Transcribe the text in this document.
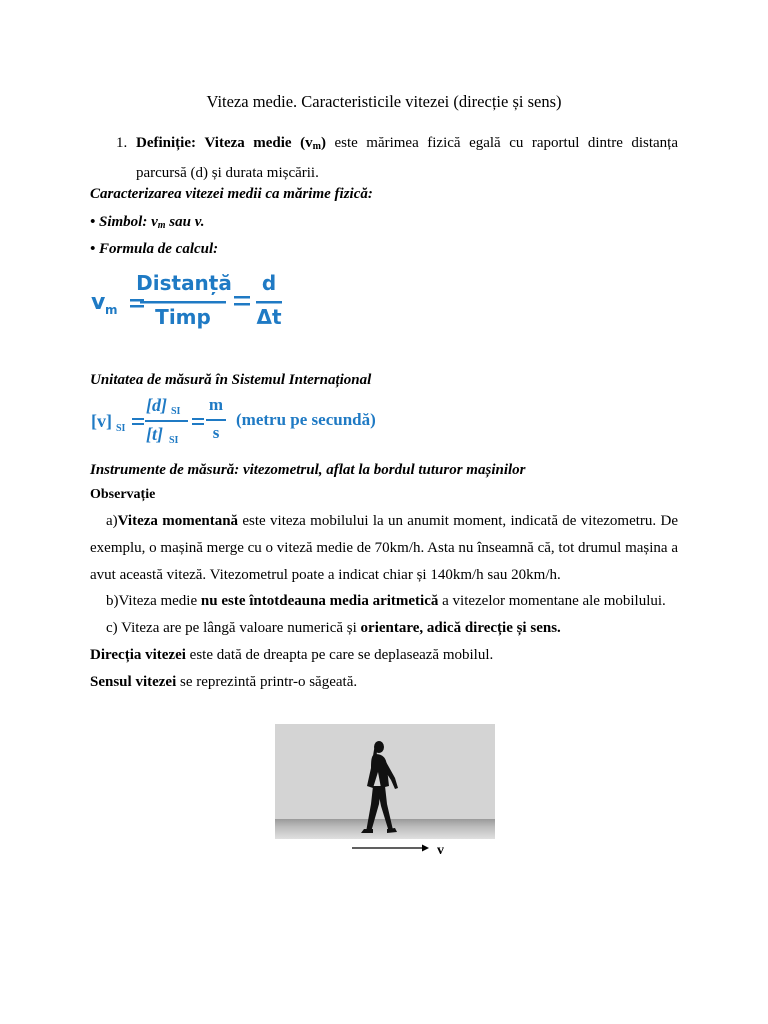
Viteza medie. Caracteristicile vitezei (direcție și sens)
1. Definiție: Viteza medie $(v_m)$ este mărimea fizică egală cu raportul dintre distanța parcursă (d) și durata mișcării.
Caracterizarea vitezei medii ca mărime fizică:
• Simbol: $v_m$ sau v.
• Formula de calcul:
v m
Distanță
Timp
d
Δt
Unitatea de măsură în Sistemul Internațional
[v] SI
[d] SI
[t] SI
m
s
(metru pe secundă)
Instrumente de măsură: vitezometrul, aflat la bordul tuturor mașinilor
Observație
a)Viteza momentană este viteza mobilului la un anumit moment, indicată de vitezometru. De exemplu, o mașină merge cu o viteză medie de 70km/h. Asta nu înseamnă că, tot drumul mașina a avut această viteză. Vitezometrul poate a indicat chiar și 140km/h sau 20km/h.
b)Viteza medie nu este întotdeauna media aritmetică a vitezelor momentane ale mobilului.
c) Viteza are pe lângă valoare numerică și orientare, adică direcție și sens.
Direcția vitezei este dată de dreapta pe care se deplasează mobilul.
Sensul vitezei se reprezintă printr-o săgeată.
v
